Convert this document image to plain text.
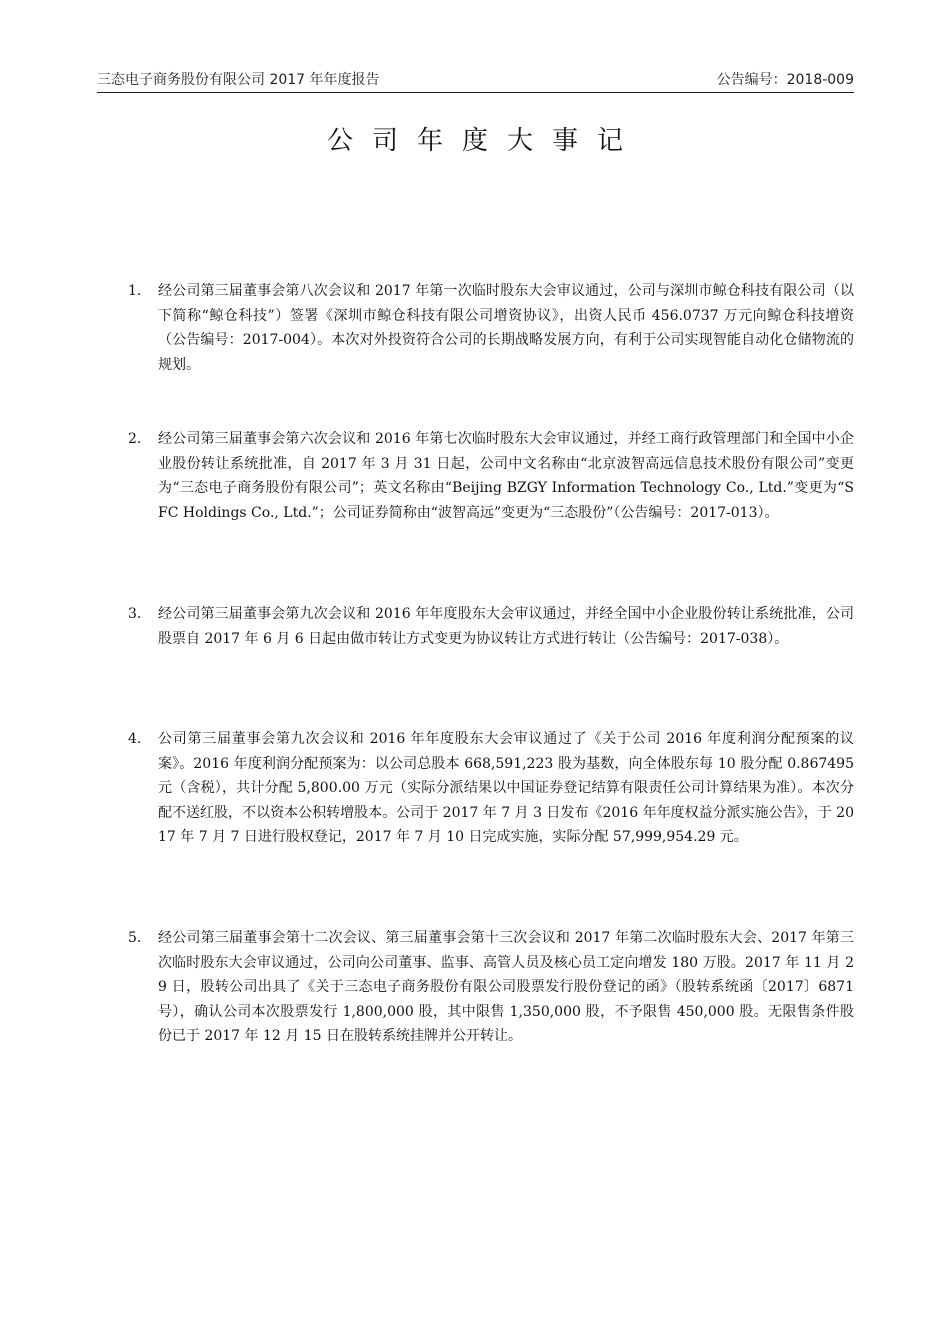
三态电子商务股份有限公司 2017 年年度报告	公告编号：2018-009
公司年度大事记
1. 经公司第三届董事会第八次会议和 2017 年第一次临时股东大会审议通过，公司与深圳市鲸仓科技有限公司（以下简称“鲸仓科技”）签署《深圳市鲸仓科技有限公司增资协议》，出资人民币 456.0737 万元向鲸仓科技增资（公告编号：2017-004）。本次对外投资符合公司的长期战略发展方向，有利于公司实现智能自动化仓储物流的规划。
2. 经公司第三届董事会第六次会议和 2016 年第七次临时股东大会审议通过，并经工商行政管理部门和全国中小企业股份转让系统批准，自 2017 年 3 月 31 日起，公司中文名称由“北京波智高远信息技术股份有限公司”变更为“三态电子商务股份有限公司”；英文名称由“Beijing BZGY Information Technology Co., Ltd.”变更为“SFC Holdings Co., Ltd.”；公司证券简称由“波智高远”变更为“三态股份”（公告编号：2017-013）。
3. 经公司第三届董事会第九次会议和 2016 年年度股东大会审议通过，并经全国中小企业股份转让系统批准，公司股票自 2017 年 6 月 6 日起由做市转让方式变更为协议转让方式进行转让（公告编号：2017-038）。
4. 公司第三届董事会第九次会议和 2016 年年度股东大会审议通过了《关于公司 2016 年度利润分配预案的议案》。2016 年度利润分配预案为：以公司总股本 668,591,223 股为基数，向全体股东每 10 股分配 0.867495 元（含税），共计分配 5,800.00 万元（实际分派结果以中国证券登记结算有限责任公司计算结果为准）。本次分配不送红股，不以资本公积转增股本。公司于 2017 年 7 月 3 日发布《2016 年年度权益分派实施公告》，于 2017 年 7 月 7 日进行股权登记，2017 年 7 月 10 日完成实施，实际分配 57,999,954.29 元。
5. 经公司第三届董事会第十二次会议、第三届董事会第十三次会议和 2017 年第二次临时股东大会、2017 年第三次临时股东大会审议通过，公司向公司董事、监事、高管人员及核心员工定向增发 180 万股。2017 年 11 月 29 日，股转公司出具了《关于三态电子商务股份有限公司股票发行股份登记的函》（股转系统函〔2017〕6871 号），确认公司本次股票发行 1,800,000 股，其中限售 1,350,000 股，不予限售 450,000 股。无限售条件股份已于 2017 年 12 月 15 日在股转系统挂牌并公开转让。
